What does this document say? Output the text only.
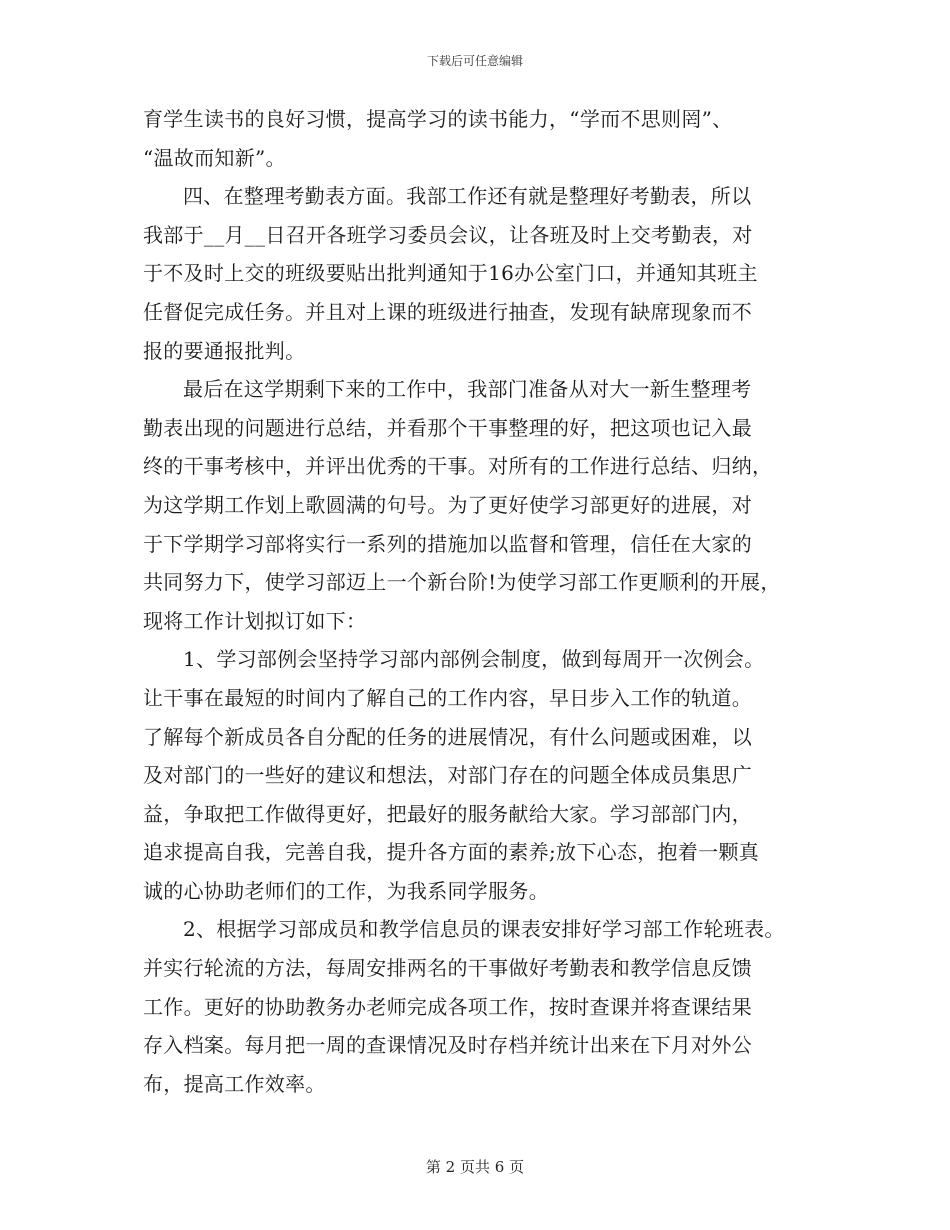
下载后可任意编辑
育学生读书的良好习惯，提高学习的读书能力，“学而不思则罔”、
“温故而知新”。
四、在整理考勤表方面。我部工作还有就是整理好考勤表，所以
我部于__月__日召开各班学习委员会议，让各班及时上交考勤表，对
于不及时上交的班级要贴出批判通知于16办公室门口，并通知其班主
任督促完成任务。并且对上课的班级进行抽查，发现有缺席现象而不
报的要通报批判。
最后在这学期剩下来的工作中，我部门准备从对大一新生整理考
勤表出现的问题进行总结，并看那个干事整理的好，把这项也记入最
终的干事考核中，并评出优秀的干事。对所有的工作进行总结、归纳，
为这学期工作划上歌圆满的句号。为了更好使学习部更好的进展，对
于下学期学习部将实行一系列的措施加以监督和管理，信任在大家的
共同努力下，使学习部迈上一个新台阶!为使学习部工作更顺利的开展，
现将工作计划拟订如下：
1、学习部例会坚持学习部内部例会制度，做到每周开一次例会。
让干事在最短的时间内了解自己的工作内容，早日步入工作的轨道。
了解每个新成员各自分配的任务的进展情况，有什么问题或困难，以
及对部门的一些好的建议和想法，对部门存在的问题全体成员集思广
益，争取把工作做得更好，把最好的服务献给大家。学习部部门内，
追求提高自我，完善自我，提升各方面的素养;放下心态，抱着一颗真
诚的心协助老师们的工作，为我系同学服务。
2、根据学习部成员和教学信息员的课表安排好学习部工作轮班表。
并实行轮流的方法，每周安排两名的干事做好考勤表和教学信息反馈
工作。更好的协助教务办老师完成各项工作，按时查课并将查课结果
存入档案。每月把一周的查课情况及时存档并统计出来在下月对外公
布，提高工作效率。
第 2 页共 6 页
